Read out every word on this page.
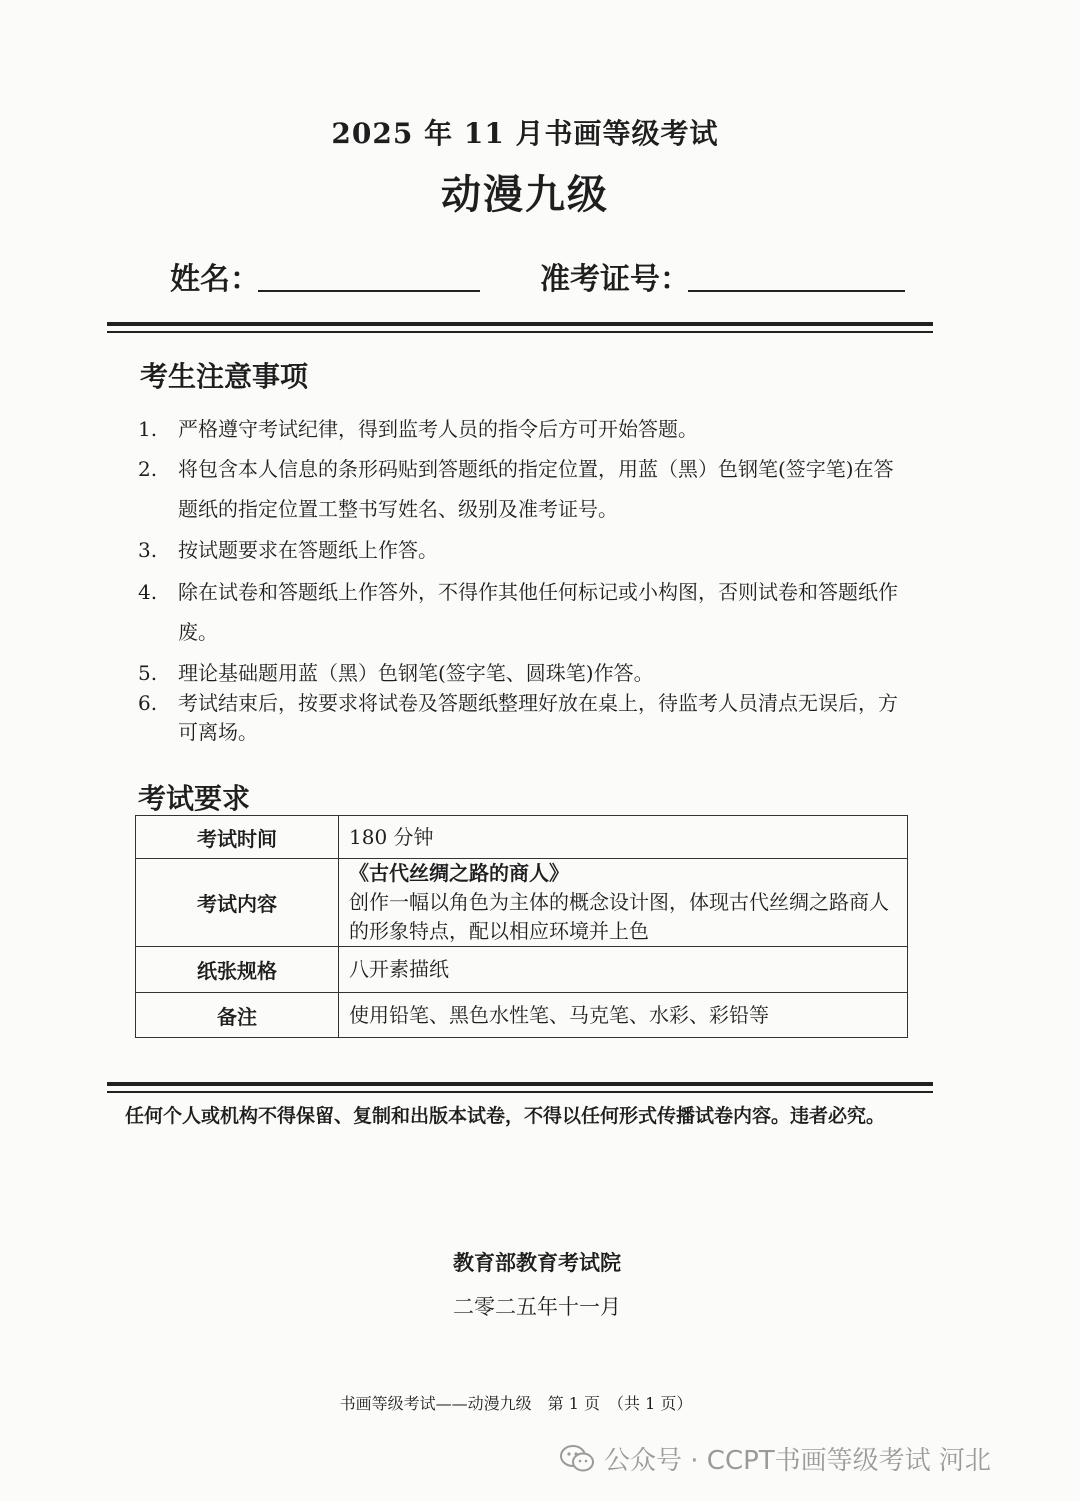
2025 年 11 月书画等级考试
动漫九级
姓名：	准考证号：
考生注意事项
1.	严格遵守考试纪律，得到监考人员的指令后方可开始答题。
2.	将包含本人信息的条形码贴到答题纸的指定位置，用蓝（黑）色钢笔(签字笔)在答题纸的指定位置工整书写姓名、级别及准考证号。
3.	按试题要求在答题纸上作答。
4.	除在试卷和答题纸上作答外，不得作其他任何标记或小构图，否则试卷和答题纸作废。
5.	理论基础题用蓝（黑）色钢笔(签字笔、圆珠笔)作答。
6.	考试结束后，按要求将试卷及答题纸整理好放在桌上，待监考人员清点无误后，方可离场。
考试要求
考试时间	180 分钟
考试内容	《古代丝绸之路的商人》
创作一幅以角色为主体的概念设计图，体现古代丝绸之路商人的形象特点，配以相应环境并上色

纸张规格	八开素描纸
备注	使用铅笔、黑色水性笔、马克笔、水彩、彩铅等
任何个人或机构不得保留、复制和出版本试卷，不得以任何形式传播试卷内容。违者必究。
教育部教育考试院
二零二五年十一月
书画等级考试——动漫九级　第 1 页　（共 1 页）
公众号 · CCPT书画等级考试 河北
